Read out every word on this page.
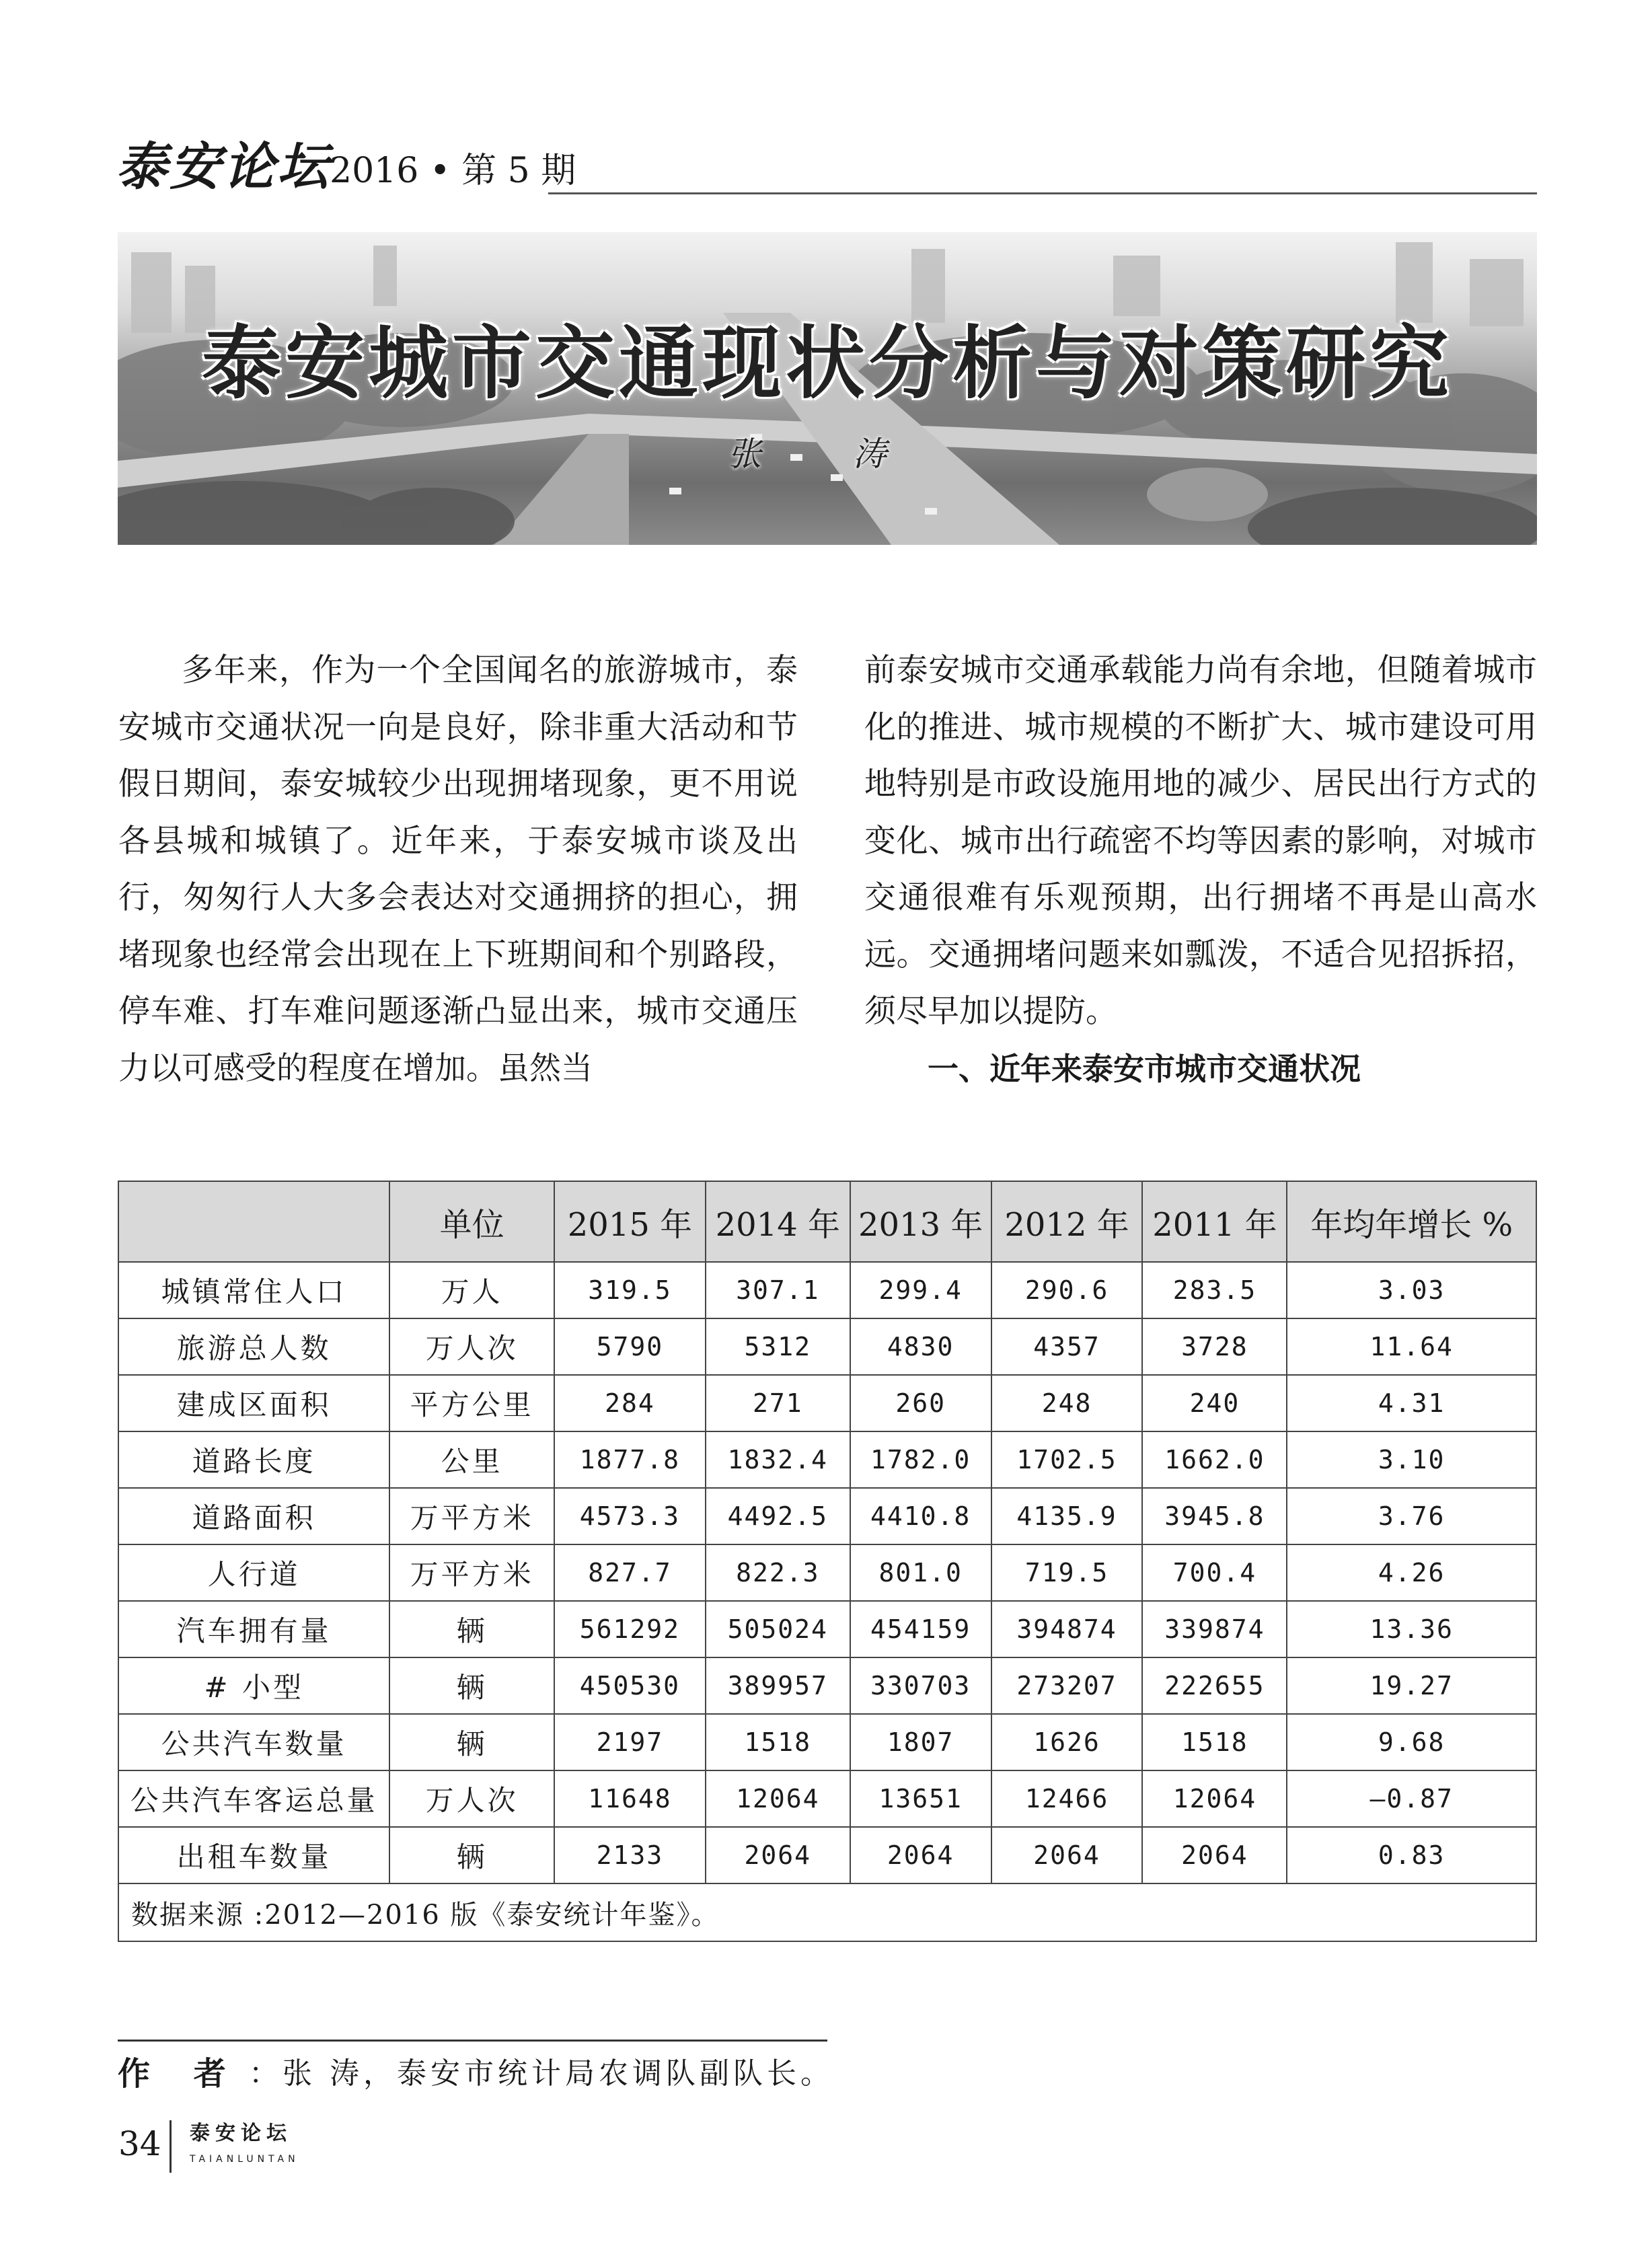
泰安论坛
2016 • 第 5 期
泰安城市交通现状分析与对策研究
张 涛

多年来，作为一个全国闻名的旅游城市，泰安城市交通状况一向是良好，除非重大活动和节假日期间，泰安城较少出现拥堵现象，更不用说各县城和城镇了。近年来，于泰安城市谈及出行，匆匆行人大多会表达对交通拥挤的担心，拥堵现象也经常会出现在上下班期间和个别路段，停车难、打车难问题逐渐凸显出来，城市交通压力以可感受的程度在增加。虽然当

前泰安城市交通承载能力尚有余地，但随着城市化的推进、城市规模的不断扩大、城市建设可用地特别是市政设施用地的减少、居民出行方式的变化、城市出行疏密不均等因素的影响，对城市交通很难有乐观预期，出行拥堵不再是山高水远。交通拥堵问题来如瓢泼，不适合见招拆招，须尽早加以提防。

一、近年来泰安市城市交通状况
	单位	2015 年	2014 年	2013 年	2012 年	2011 年	年均年增长 %
城镇常住人口	万人	319.5	307.1	299.4	290.6	283.5	3.03
旅游总人数	万人次	5790	5312	4830	4357	3728	11.64
建成区面积	平方公里	284	271	260	248	240	4.31
道路长度	公里	1877.8	1832.4	1782.0	1702.5	1662.0	3.10
道路面积	万平方米	4573.3	4492.5	4410.8	4135.9	3945.8	3.76
人行道	万平方米	827.7	822.3	801.0	719.5	700.4	4.26
汽车拥有量	辆	561292	505024	454159	394874	339874	13.36
# 小型	辆	450530	389957	330703	273207	222655	19.27
公共汽车数量	辆	2197	1518	1807	1626	1518	9.68
公共汽车客运总量	万人次	11648	12064	13651	12466	12064	—0.87
出租车数量	辆	2133	2064	2064	2064	2064	0.83
数据来源 :2012—2016 版《泰安统计年鉴》。							
作 者 ：张 涛，泰安市统计局农调队副队长。
34 泰安论坛
TAIANLUNTAN
